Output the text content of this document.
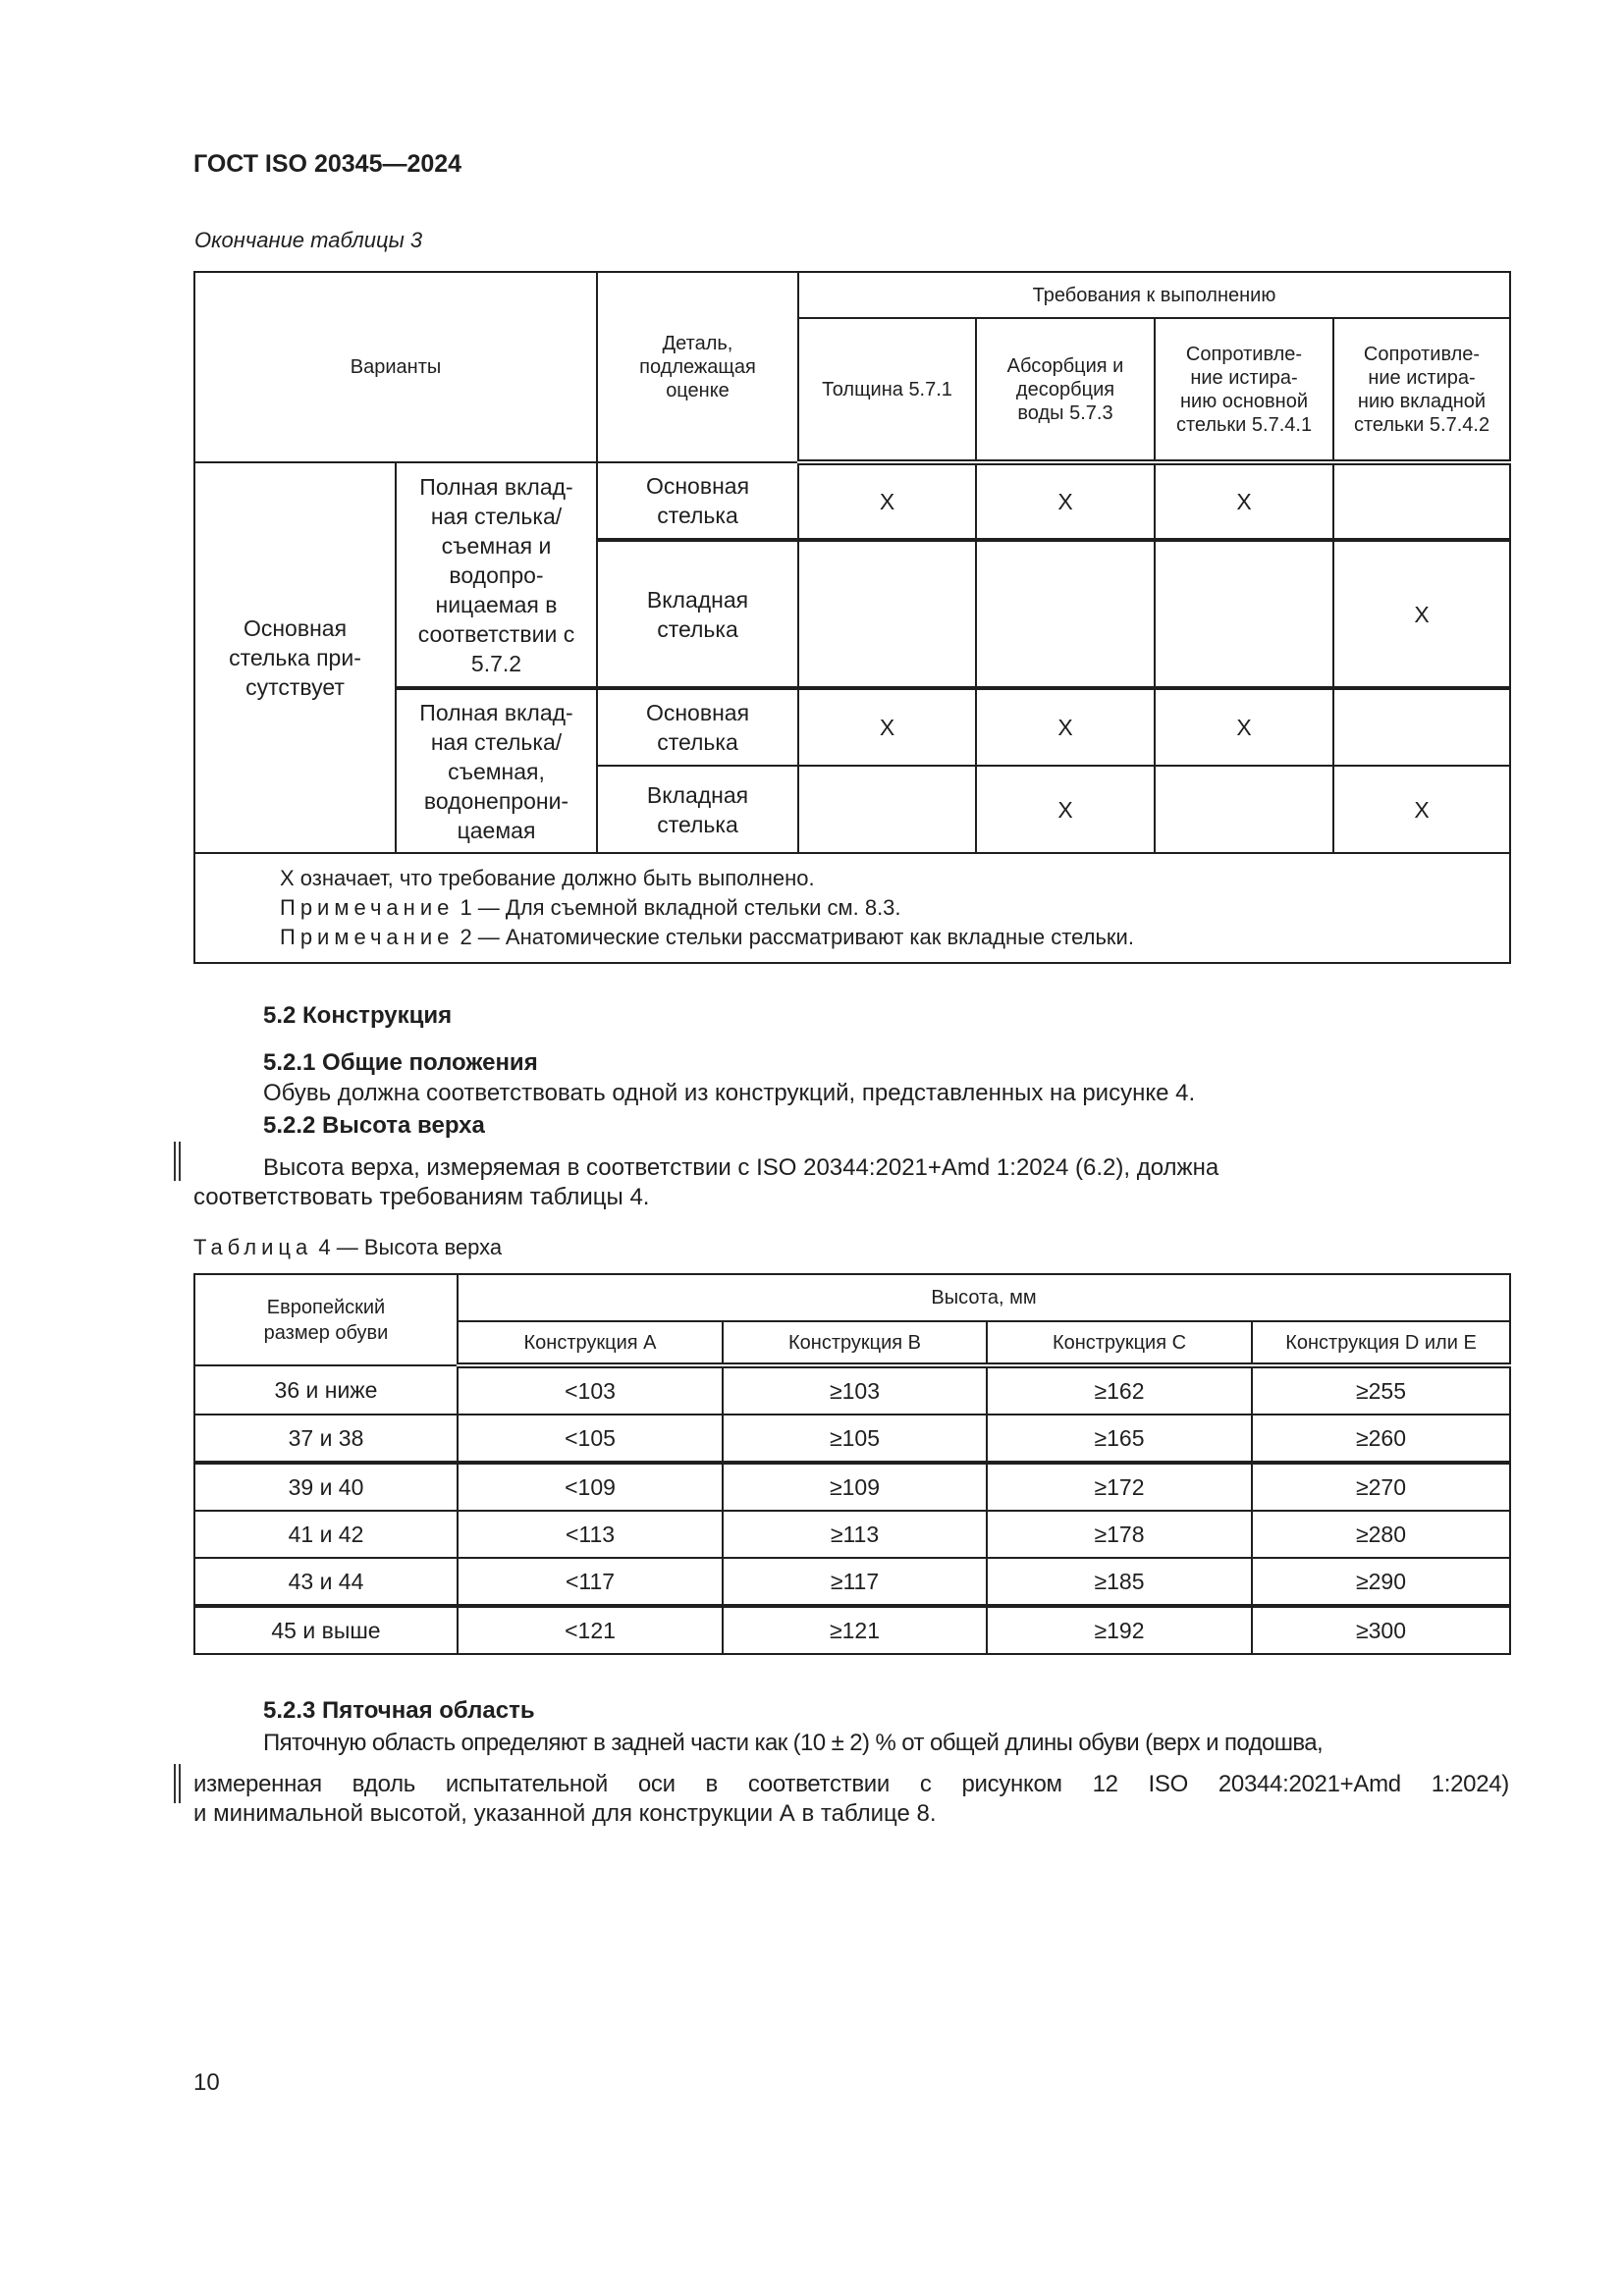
ГОСТ ISO 20345—2024
Окончание таблицы 3
Варианты		Деталь, подлежащая оценке	Требования к выполнению			
			Толщина 5.7.1	Абсорбция и десорбция воды 5.7.3	Сопротивле-ние истира-нию основной стельки 5.7.4.1	Сопротивле-ние истира-нию вкладной стельки 5.7.4.2
Основная стелька при-сутствует	Полная вклад-ная стелька/ съемная и водопро-ницаемая в соответствии с 5.7.2	Основная стелька	X	X	X	
		Вкладная стелька				X
	Полная вклад-ная стелька/ съемная, водонепрони-цаемая	Основная стелька	X	X	X	
		Вкладная стелька		X		X

X означает, что требование должно быть выполнено.
Примечание 1 — Для съемной вкладной стельки см. 8.3.
Примечание 2 — Анатомические стельки рассматривают как вкладные стельки.						
5.2 Конструкция
5.2.1 Общие положения
Обувь должна соответствовать одной из конструкций, представленных на рисунке 4.
5.2.2 Высота верха
Высота верха, измеряемая в соответствии с ISO 20344:2021+Amd 1:2024 (6.2), должна
соответствовать требованиям таблицы 4.
Таблица 4 — Высота верха
Европейский размер обуви	Высота, мм			
	Конструкция А	Конструкция В	Конструкция С	Конструкция D или E
36 и ниже	<103	≥103	≥162	≥255
37 и 38	<105	≥105	≥165	≥260
39 и 40	<109	≥109	≥172	≥270
41 и 42	<113	≥113	≥178	≥280
43 и 44	<117	≥117	≥185	≥290
45 и выше	<121	≥121	≥192	≥300
5.2.3 Пяточная область
Пяточную область определяют в задней части как (10 ± 2) % от общей длины обуви (верх и подошва,
измеренная вдоль испытательной оси в соответствии с рисунком 12 ISO 20344:2021+Amd 1:2024)
и минимальной высотой, указанной для конструкции А в таблице 8.
10
